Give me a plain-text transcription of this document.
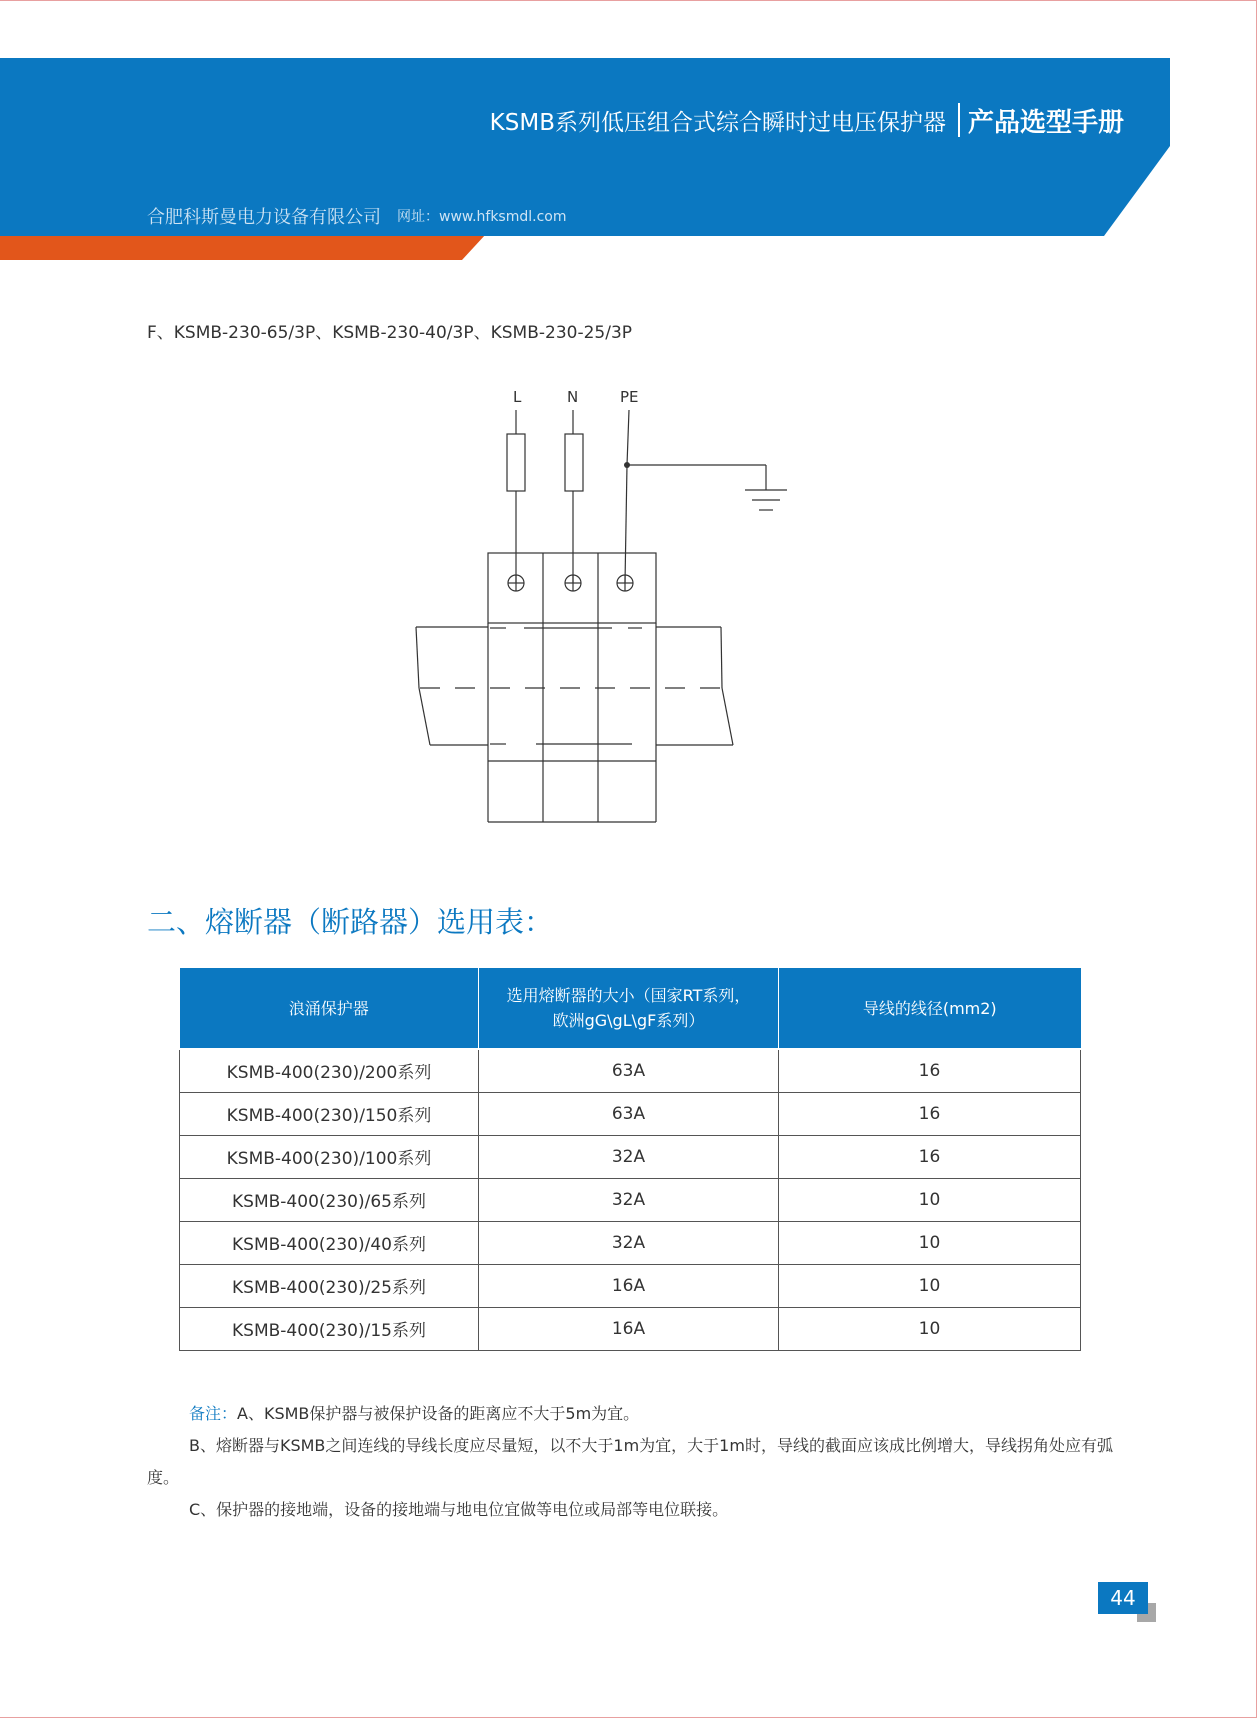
KSMB系列低压组合式综合瞬时过电压保护器 产品选型手册
合肥科斯曼电力设备有限公司 网址：www.hfksmdl.com
F、KSMB-230-65/3P、KSMB-230-40/3P、KSMB-230-25/3P
L	N	PE
二、熔断器（断路器）选用表：
浪涌保护器	选用熔断器的大小（国家RT系列，
欧洲gG\gL\gF系列）	导线的线径(mm2)
KSMB-400(230)/200系列	63A	16
KSMB-400(230)/150系列	63A	16
KSMB-400(230)/100系列	32A	16
KSMB-400(230)/65系列	32A	10
KSMB-400(230)/40系列	32A	10
KSMB-400(230)/25系列	16A	10
KSMB-400(230)/15系列	16A	10

备注：A、KSMB保护器与被保护设备的距离应不大于5m为宜。

B、熔断器与KSMB之间连线的导线长度应尽量短，以不大于1m为宜，大于1m时，导线的截面应该成比例增大，导线拐角处应有弧度。

C、保护器的接地端，设备的接地端与地电位宜做等电位或局部等电位联接。

44
